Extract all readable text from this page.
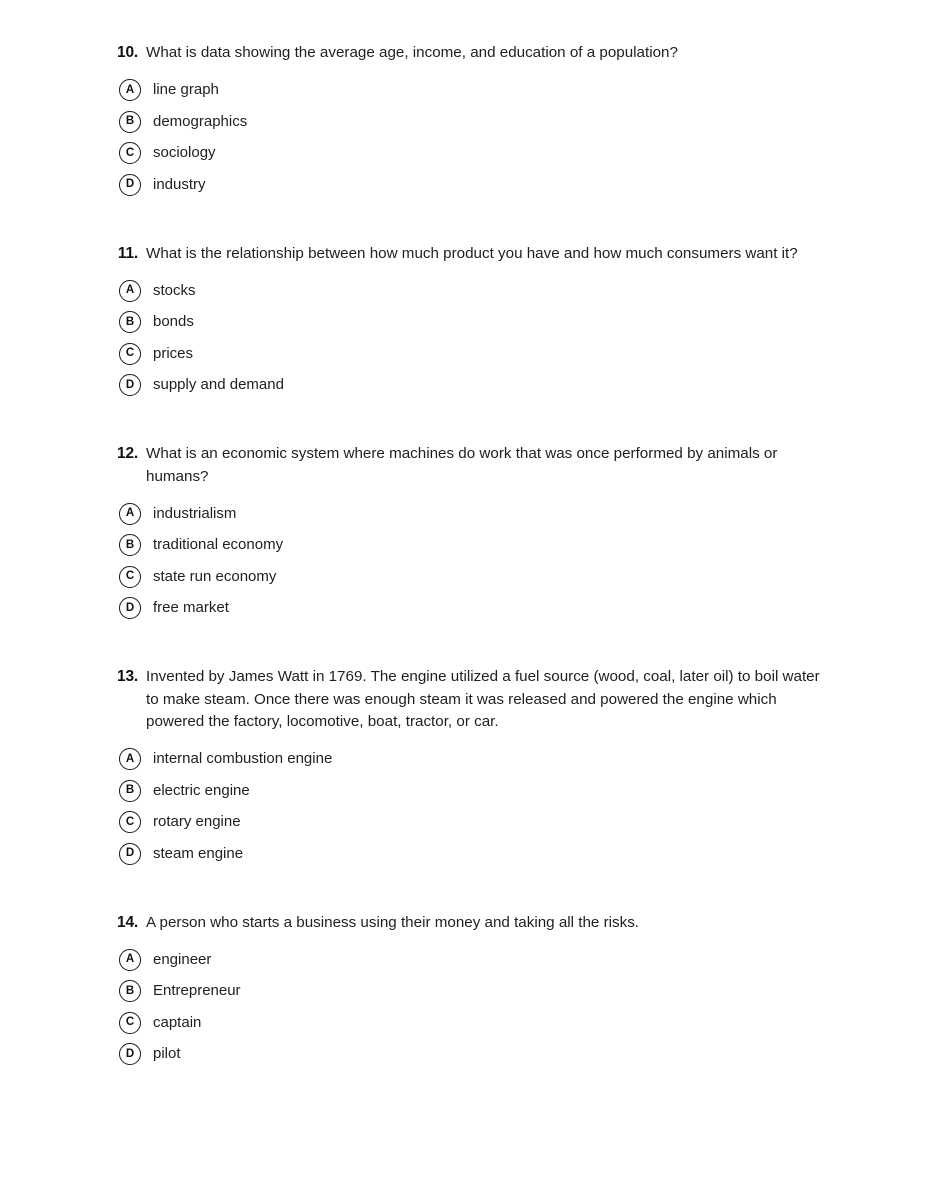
10. What is data showing the average age, income, and education of a population?
A	line graph
B	demographics
C	sociology
D	industry
11. What is the relationship between how much product you have and how much consumers want it?
A	stocks
B	bonds
C	prices
D	supply and demand
12. What is an economic system where machines do work that was once performed by animals or humans?
A	industrialism
B	traditional economy
C	state run economy
D	free market
13. Invented by James Watt in 1769. The engine utilized a fuel source (wood, coal, later oil) to boil water to make steam. Once there was enough steam it was released and powered the engine which powered the factory, locomotive, boat, tractor, or car.
A	internal combustion engine
B	electric engine
C	rotary engine
D	steam engine
14. A person who starts a business using their money and taking all the risks.
A	engineer
B	Entrepreneur
C	captain
D	pilot
